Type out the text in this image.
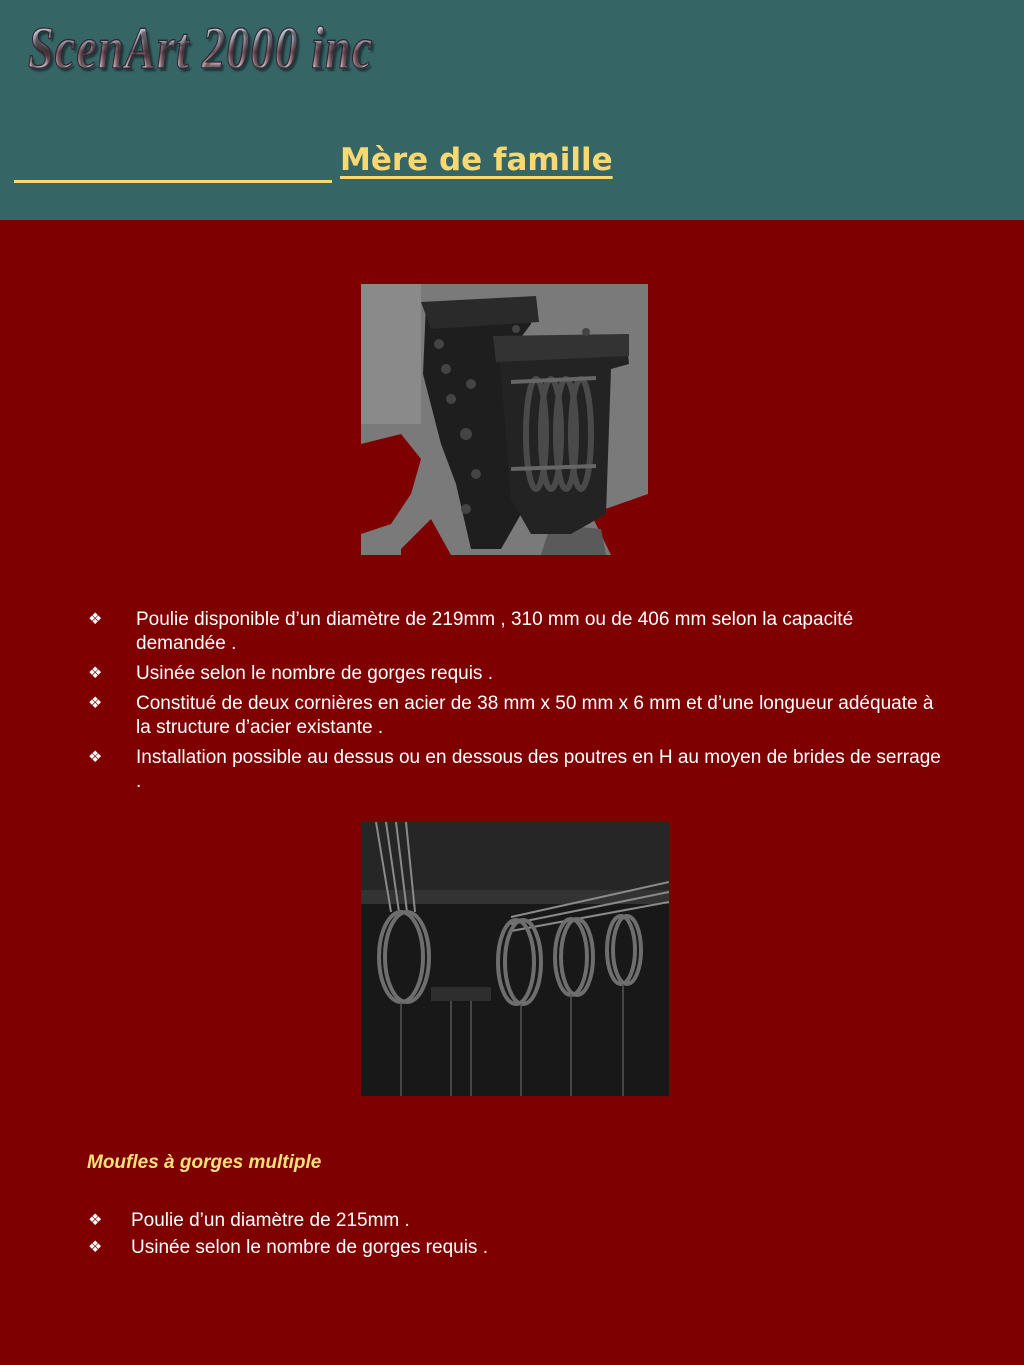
ScenArt 2000 inc
Mère de famille
❖ Poulie disponible d’un diamètre de 219mm , 310 mm ou de 406 mm selon la capacité demandée .
❖ Usinée selon le nombre de gorges requis .
❖ Constitué de deux cornières en acier de 38 mm x 50 mm x 6 mm et d’une longueur adéquate à la structure d’acier existante .
❖ Installation possible au dessus ou en dessous des poutres en H au moyen de brides de serrage .
Moufles à gorges multiple
❖ Poulie d’un diamètre de 215mm .
❖ Usinée selon le nombre de gorges requis .
